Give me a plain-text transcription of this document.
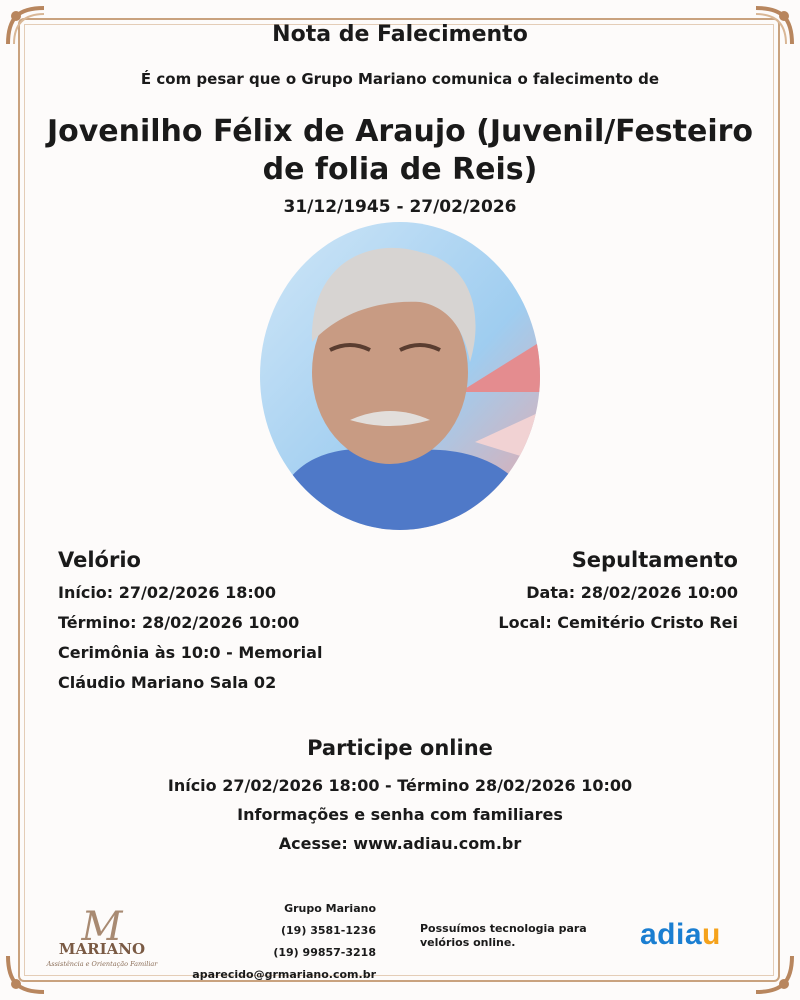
Nota de Falecimento
É com pesar que o Grupo Mariano comunica o falecimento de
Jovenilho Félix de Araujo (Juvenil/Festeiro de folia de Reis)
31/12/1945 - 27/02/2026
Velório
Início: 27/02/2026 18:00
Término: 28/02/2026 10:00
Cerimônia às 10:0 - Memorial Cláudio Mariano Sala 02
Sepultamento
Data: 28/02/2026 10:00
Local: Cemitério Cristo Rei
Participe online
Início 27/02/2026 18:00 - Término 28/02/2026 10:00
Informações e senha com familiares
Acesse: www.adiau.com.br
M
MARIANO
Assistência e Orientação Familiar
Grupo Mariano
(19) 3581-1236
(19) 99857-3218
aparecido@grmariano.com.br
Possuímos tecnologia para velórios online.	adiau
